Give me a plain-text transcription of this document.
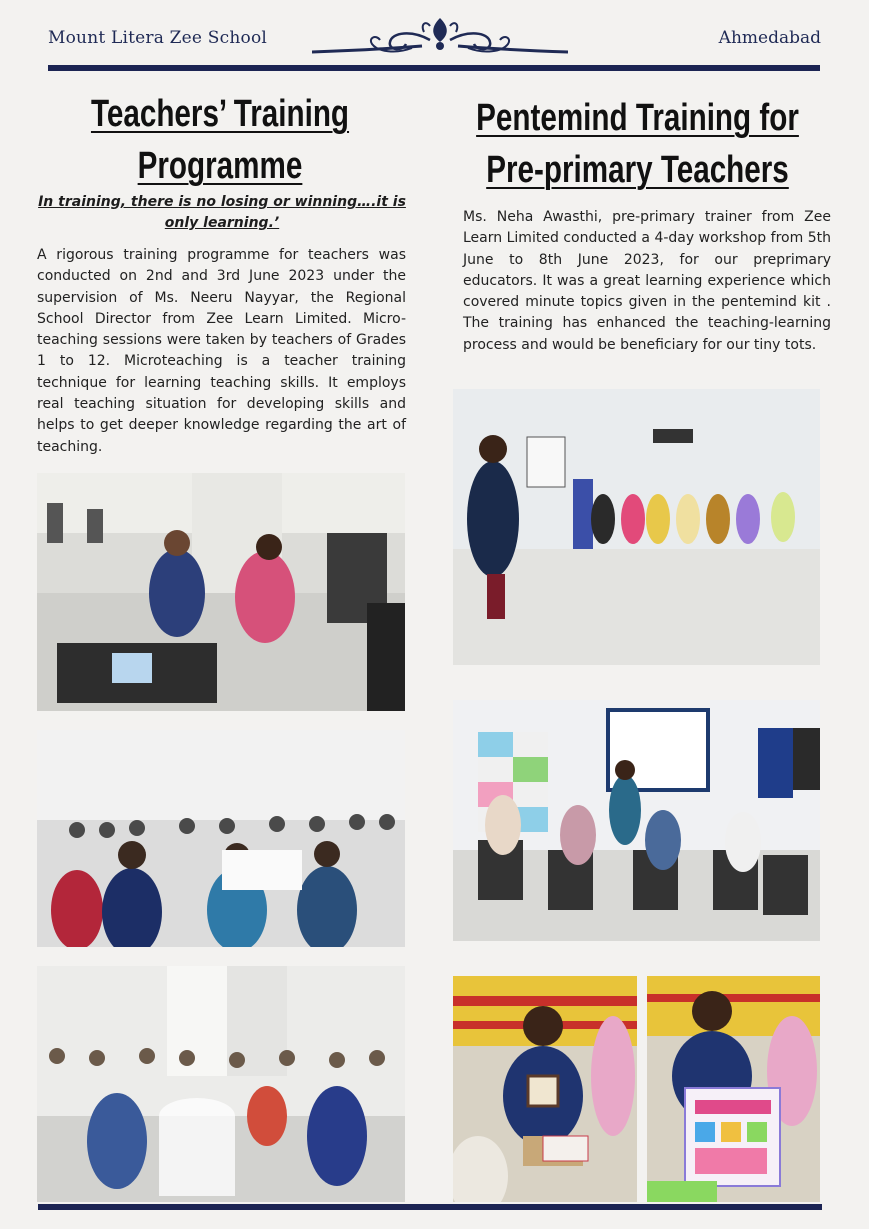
Mount Litera Zee School	Ahmedabad
Teachers’ Training
Programme
In training, there is no losing or winning….it is only learning.’
A rigorous training programme for teachers was conducted on 2nd and 3rd June 2023 under the supervision of Ms. Neeru Nayyar, the Regional School Director from Zee Learn Limited. Micro-teaching sessions were taken by teachers of Grades 1 to 12. Microteaching is a teacher training technique for learning teaching skills. It employs real teaching situation for developing skills and helps to get deeper knowledge regarding the art of teaching.
Pentemind Training for
Pre-primary Teachers
Ms. Neha Awasthi, pre-primary trainer from Zee Learn Limited conducted a 4-day workshop from 5th June to 8th June 2023, for our preprimary educators. It was a great learning experience which covered minute topics given in the pentemind kit . The training has enhanced the teaching-learning process and would be beneficiary for our tiny tots.
